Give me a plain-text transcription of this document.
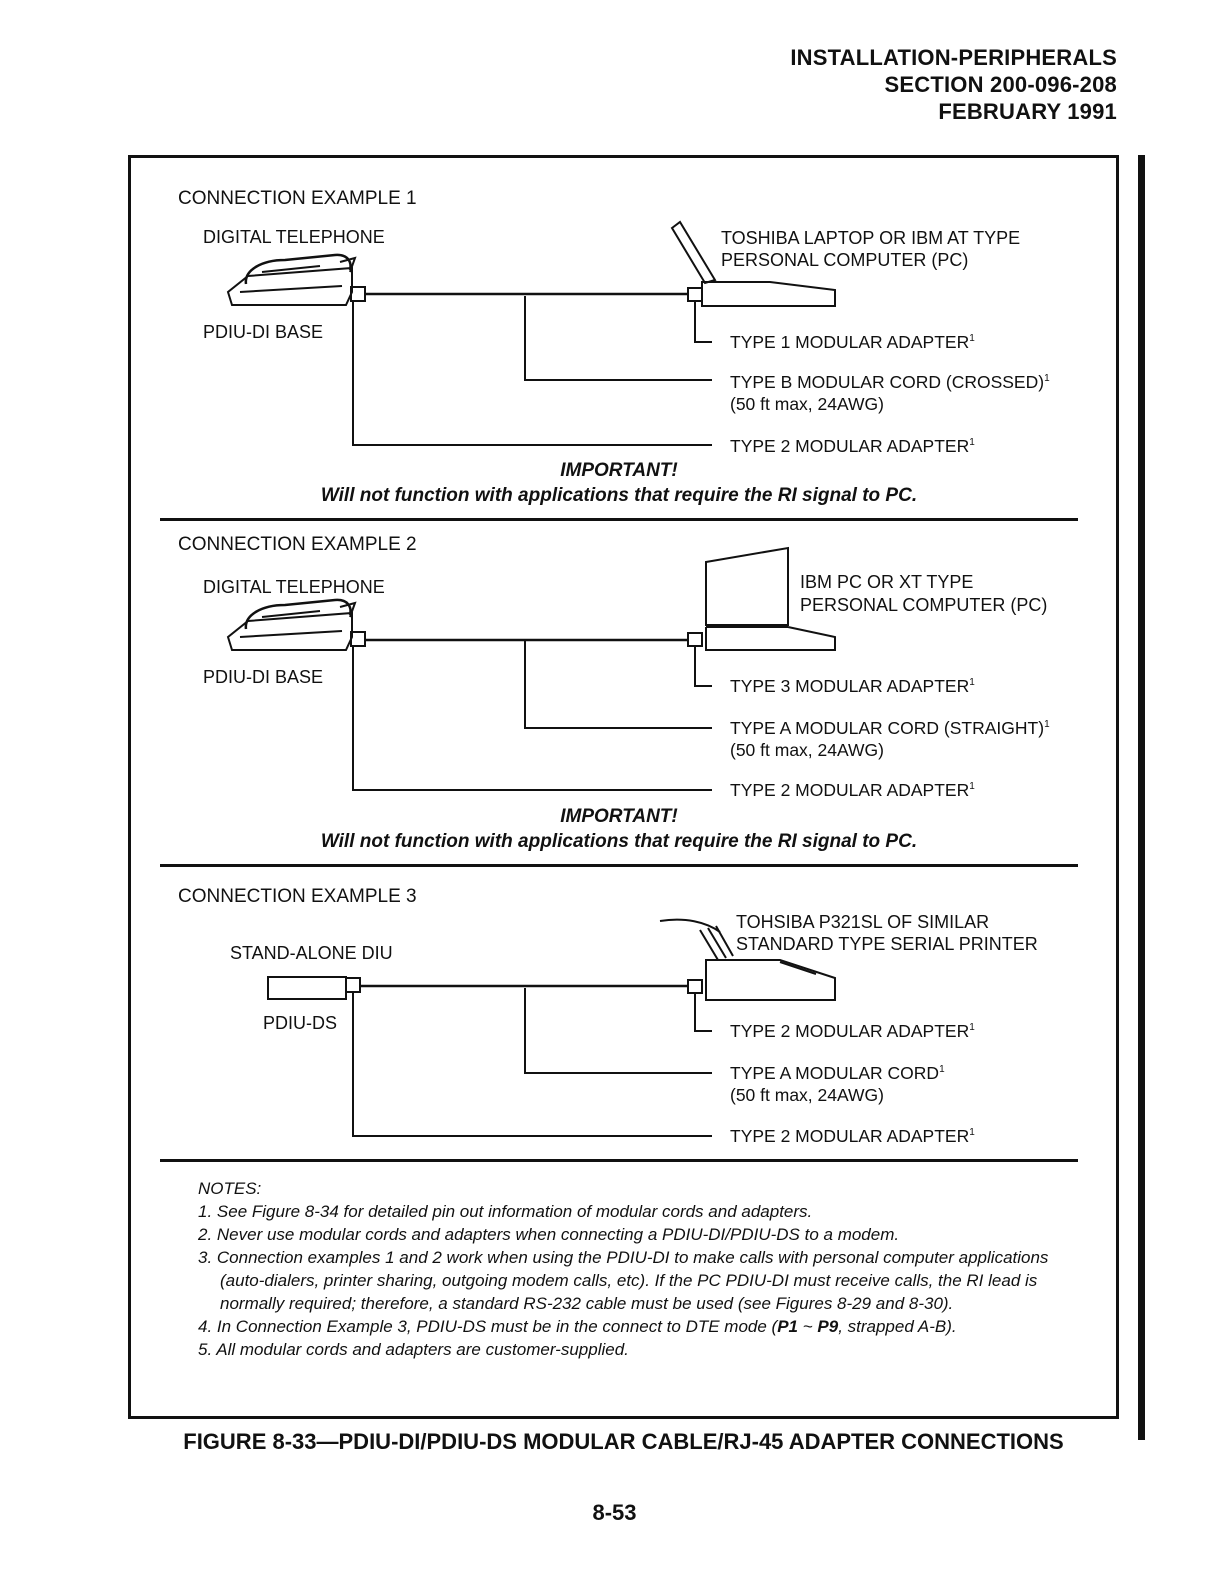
INSTALLATION-PERIPHERALS
SECTION 200-096-208
FEBRUARY 1991
CONNECTION EXAMPLE 1
DIGITAL TELEPHONE
PDIU-DI BASE
TOSHIBA LAPTOP OR IBM AT TYPE
PERSONAL COMPUTER (PC)
TYPE 1 MODULAR ADAPTER$^1$
TYPE B MODULAR CORD (CROSSED)$^1$
(50 ft max, 24AWG)
TYPE 2 MODULAR ADAPTER$^1$
IMPORTANT!
Will not function with applications that require the RI signal to PC.
CONNECTION EXAMPLE 2
DIGITAL TELEPHONE
PDIU-DI BASE
IBM PC OR XT TYPE
PERSONAL COMPUTER (PC)
TYPE 3 MODULAR ADAPTER$^1$
TYPE A MODULAR CORD (STRAIGHT)$^1$
(50 ft max, 24AWG)
TYPE 2 MODULAR ADAPTER$^1$
IMPORTANT!
Will not function with applications that require the RI signal to PC.
CONNECTION EXAMPLE 3
STAND-ALONE DIU
PDIU-DS
TOHSIBA P321SL OF SIMILAR
STANDARD TYPE SERIAL PRINTER
TYPE 2 MODULAR ADAPTER$^1$
TYPE A MODULAR CORD$^1$
(50 ft max, 24AWG)
TYPE 2 MODULAR ADAPTER$^1$
NOTES:

1. See Figure 8-34 for detailed pin out information of modular cords and adapters.

2. Never use modular cords and adapters when connecting a PDIU-DI/PDIU-DS to a modem.

3. Connection examples 1 and 2 work when using the PDIU-DI to make calls with personal computer applications (auto-dialers, printer sharing, outgoing modem calls, etc). If the PC PDIU-DI must receive calls, the RI lead is normally required; therefore, a standard RS-232 cable must be used (see Figures 8-29 and 8-30).

4. In Connection Example 3, PDIU-DS must be in the connect to DTE mode (P1 ~ P9, strapped A-B).

5. All modular cords and adapters are customer-supplied.

FIGURE 8-33—PDIU-DI/PDIU-DS MODULAR CABLE/RJ-45 ADAPTER CONNECTIONS
8-53
